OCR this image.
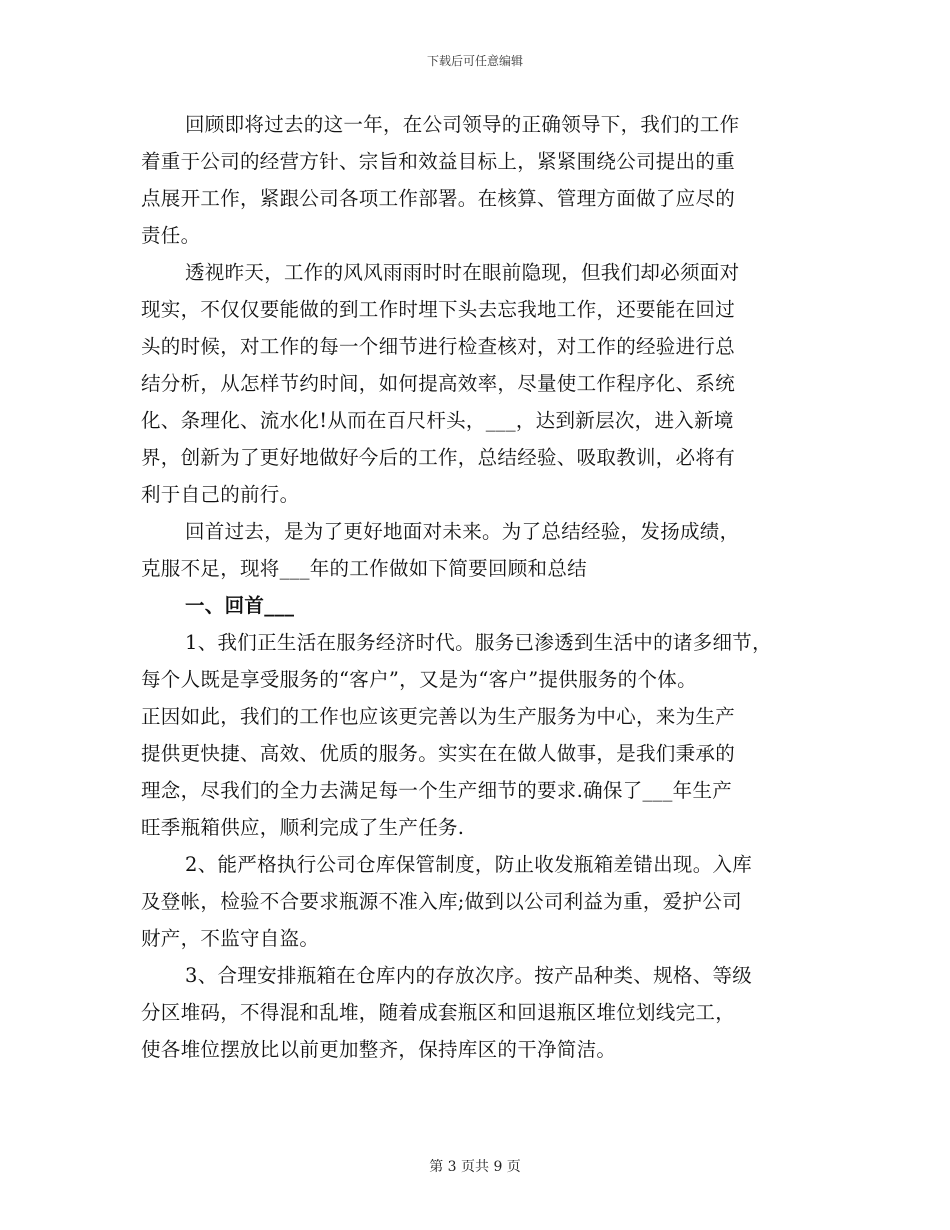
下载后可任意编辑
回顾即将过去的这一年，在公司领导的正确领导下，我们的工作
着重于公司的经营方针、宗旨和效益目标上，紧紧围绕公司提出的重
点展开工作，紧跟公司各项工作部署。在核算、管理方面做了应尽的
责任。
透视昨天，工作的风风雨雨时时在眼前隐现，但我们却必须面对
现实，不仅仅要能做的到工作时埋下头去忘我地工作，还要能在回过
头的时候，对工作的每一个细节进行检查核对，对工作的经验进行总
结分析，从怎样节约时间，如何提高效率，尽量使工作程序化、系统
化、条理化、流水化!从而在百尺杆头，___，达到新层次，进入新境
界，创新为了更好地做好今后的工作，总结经验、吸取教训，必将有
利于自己的前行。
回首过去，是为了更好地面对未来。为了总结经验，发扬成绩，
克服不足，现将___年的工作做如下简要回顾和总结
一、回首___
1、我们正生活在服务经济时代。服务已渗透到生活中的诸多细节，
每个人既是享受服务的“客户”，又是为“客户”提供服务的个体。
正因如此，我们的工作也应该更完善以为生产服务为中心，来为生产
提供更快捷、高效、优质的服务。实实在在做人做事，是我们秉承的
理念，尽我们的全力去满足每一个生产细节的要求.确保了___年生产
旺季瓶箱供应，顺利完成了生产任务.
2、能严格执行公司仓库保管制度，防止收发瓶箱差错出现。入库
及登帐，检验不合要求瓶源不准入库;做到以公司利益为重，爱护公司
财产，不监守自盗。
3、合理安排瓶箱在仓库内的存放次序。按产品种类、规格、等级
分区堆码，不得混和乱堆，随着成套瓶区和回退瓶区堆位划线完工，
使各堆位摆放比以前更加整齐，保持库区的干净简洁。
第 3 页共 9 页
